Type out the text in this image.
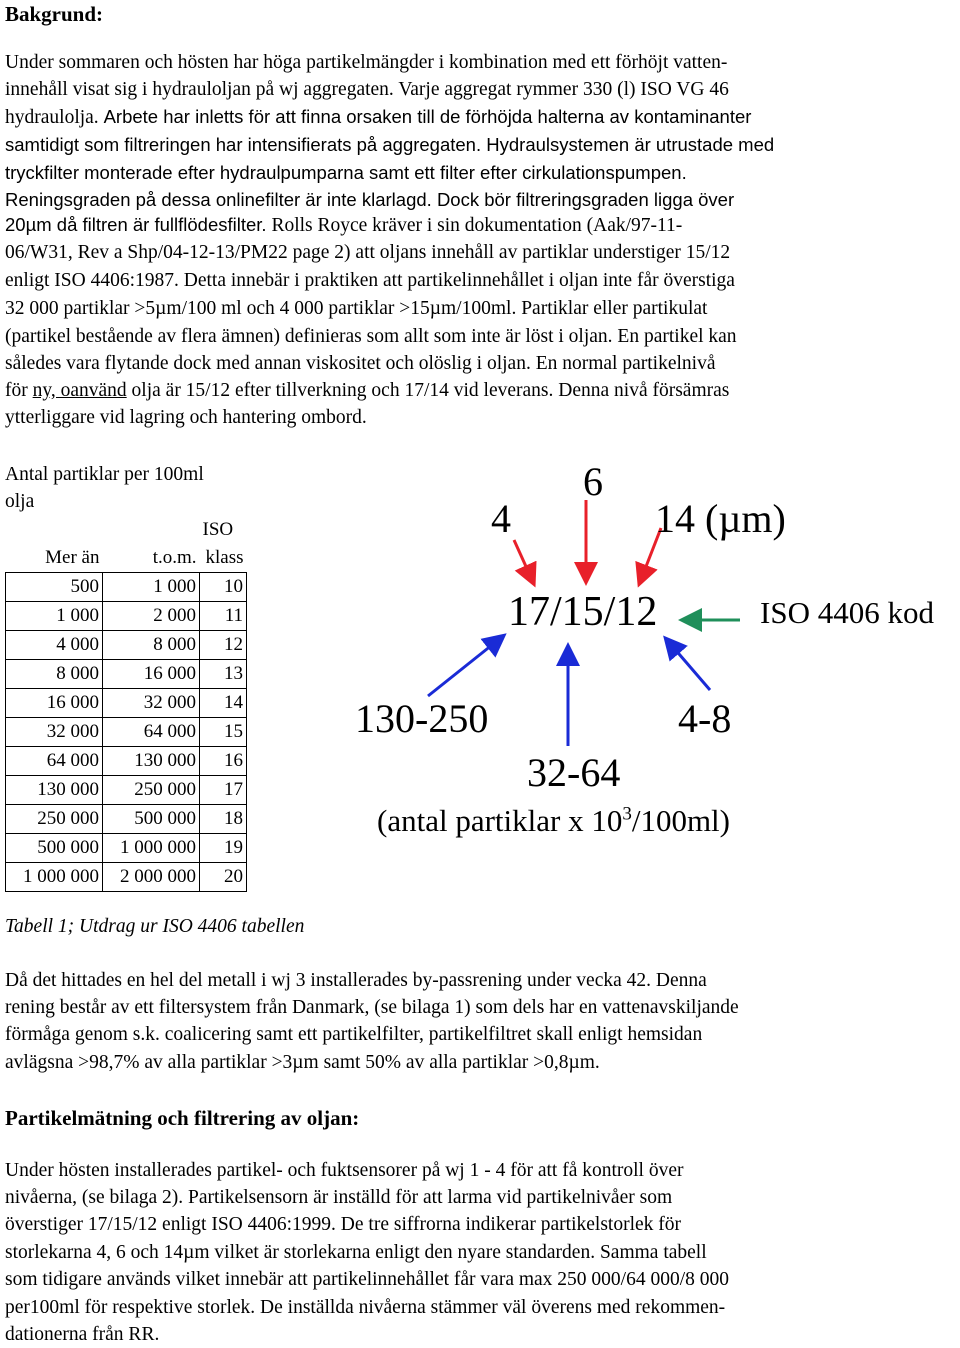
Bakgrund:
Under sommaren och hösten har höga partikelmängder i kombination med ett förhöjt vatten-
innehåll visat sig i hydrauloljan på wj aggregaten. Varje aggregat rymmer 330 (l) ISO VG 46
hydraulolja. Arbete har inletts för att finna orsaken till de förhöjda halterna av kontaminanter
samtidigt som filtreringen har intensifierats på aggregaten. Hydraulsystemen är utrustade med
tryckfilter monterade efter hydraulpumparna samt ett filter efter cirkulationspumpen.
Reningsgraden på dessa onlinefilter är inte klarlagd. Dock bör filtreringsgraden ligga över
20µm då filtren är fullflödesfilter. Rolls Royce kräver i sin dokumentation (Aak/97-11-
06/W31, Rev a Shp/04-12-13/PM22 page 2) att oljans innehåll av partiklar understiger 15/12
enligt ISO 4406:1987. Detta innebär i praktiken att partikelinnehållet i oljan inte får överstiga
32 000 partiklar >5µm/100 ml och 4 000 partiklar >15µm/100ml. Partiklar eller partikulat
(partikel bestående av flera ämnen) definieras som allt som inte är löst i oljan. En partikel kan
således vara flytande dock med annan viskositet och olöslig i oljan. En normal partikelnivå
för ny, oanvänd olja är 15/12 efter tillverkning och 17/14 vid leverans. Denna nivå försämras
ytterliggare vid lagring och hantering ombord.
Antal partiklar per 100ml
olja
		ISO
Mer än	t.o.m.	klass
500	1 000	10
1 000	2 000	11
4 000	8 000	12
8 000	16 000	13
16 000	32 000	14
32 000	64 000	15
64 000	130 000	16
130 000	250 000	17
250 000	500 000	18
500 000	1 000 000	19
1 000 000	2 000 000	20
Tabell 1; Utdrag ur ISO 4406 tabellen
4
6
14 (µm)
17/15/12	ISO 4406 kod
130-250	4-8
32-64
(antal partiklar x $10^3/100ml$)
Då det hittades en hel del metall i wj 3 installerades by-passrening under vecka 42. Denna
rening består av ett filtersystem från Danmark, (se bilaga 1) som dels har en vattenavskiljande
förmåga genom s.k. coalicering samt ett partikelfilter, partikelfiltret skall enligt hemsidan
avlägsna >98,7% av alla partiklar >3µm samt 50% av alla partiklar >0,8µm.
Partikelmätning och filtrering av oljan:
Under hösten installerades partikel- och fuktsensorer på wj 1 - 4 för att få kontroll över
nivåerna, (se bilaga 2). Partikelsensorn är inställd för att larma vid partikelnivåer som
överstiger 17/15/12 enligt ISO 4406:1999. De tre siffrorna indikerar partikelstorlek för
storlekarna 4, 6 och 14µm vilket är storlekarna enligt den nyare standarden. Samma tabell
som tidigare används vilket innebär att partikelinnehållet får vara max 250 000/64 000/8 000
per100ml för respektive storlek. De inställda nivåerna stämmer väl överens med rekommen-
dationerna från RR.
